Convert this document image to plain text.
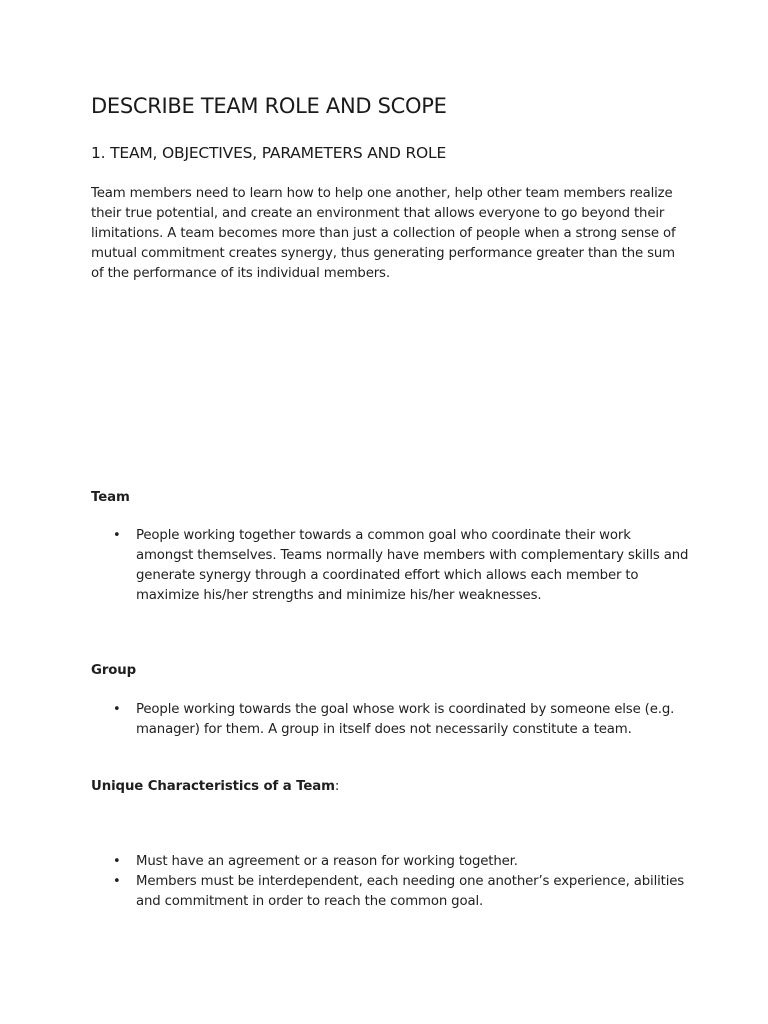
DESCRIBE TEAM ROLE AND SCOPE
1. TEAM, OBJECTIVES, PARAMETERS AND ROLE

Team members need to learn how to help one another, help other team members realize their true potential, and create an environment that allows everyone to go beyond their limitations. A team becomes more than just a collection of people when a strong sense of mutual commitment creates synergy, thus generating performance greater than the sum of the performance of its individual members.

Team
• People working together towards a common goal who coordinate their work amongst themselves. Teams normally have members with complementary skills and generate synergy through a coordinated effort which allows each member to maximize his/her strengths and minimize his/her weaknesses.
Group
• People working towards the goal whose work is coordinated by someone else (e.g. manager) for them. A group in itself does not necessarily constitute a team.
Unique Characteristics of a Team:
• Must have an agreement or a reason for working together.
• Members must be interdependent, each needing one another’s experience, abilities and commitment in order to reach the common goal.
